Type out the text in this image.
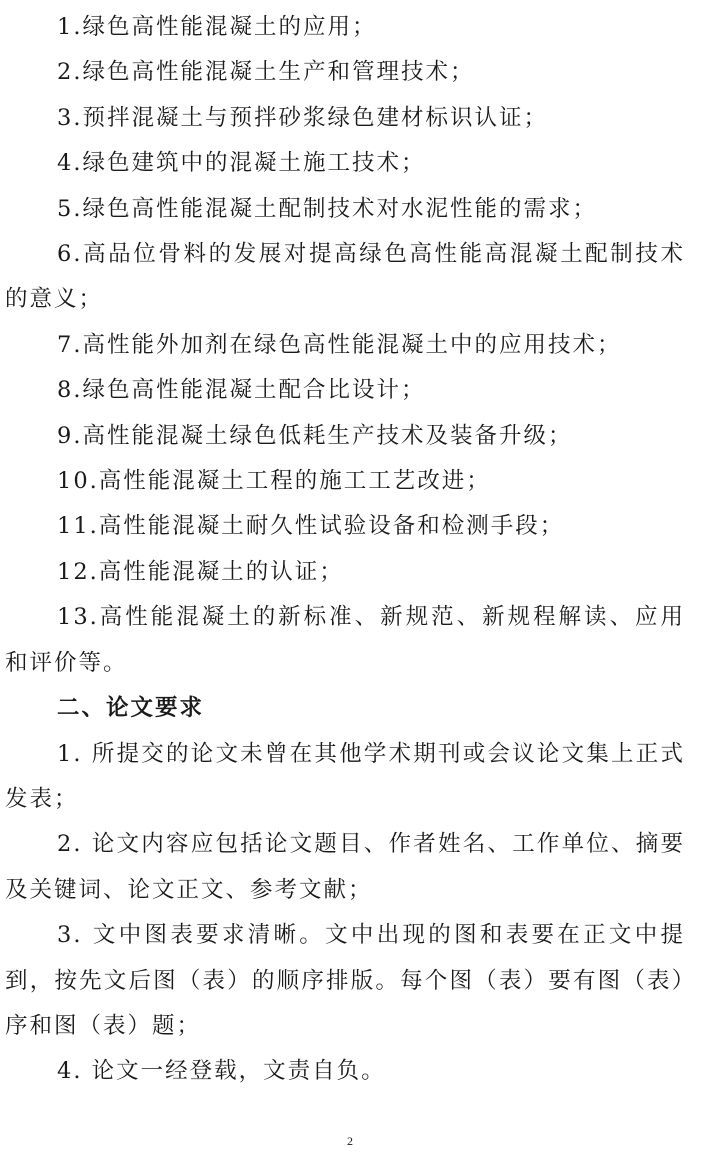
1.绿色高性能混凝土的应用；

2.绿色高性能混凝土生产和管理技术；

3.预拌混凝土与预拌砂浆绿色建材标识认证；

4.绿色建筑中的混凝土施工技术；

5.绿色高性能混凝土配制技术对水泥性能的需求；

6.高品位骨料的发展对提高绿色高性能高混凝土配制技术的意义；

7.高性能外加剂在绿色高性能混凝土中的应用技术；

8.绿色高性能混凝土配合比设计；

9.高性能混凝土绿色低耗生产技术及装备升级；

10.高性能混凝土工程的施工工艺改进；

11.高性能混凝土耐久性试验设备和检测手段；

12.高性能混凝土的认证；

13.高性能混凝土的新标准、新规范、新规程解读、应用和评价等。

二、论文要求

1. 所提交的论文未曾在其他学术期刊或会议论文集上正式发表；

2. 论文内容应包括论文题目、作者姓名、工作单位、摘要及关键词、论文正文、参考文献；

3. 文中图表要求清晰。文中出现的图和表要在正文中提到，按先文后图（表）的顺序排版。每个图（表）要有图（表）序和图（表）题；

4. 论文一经登载，文责自负。

2
